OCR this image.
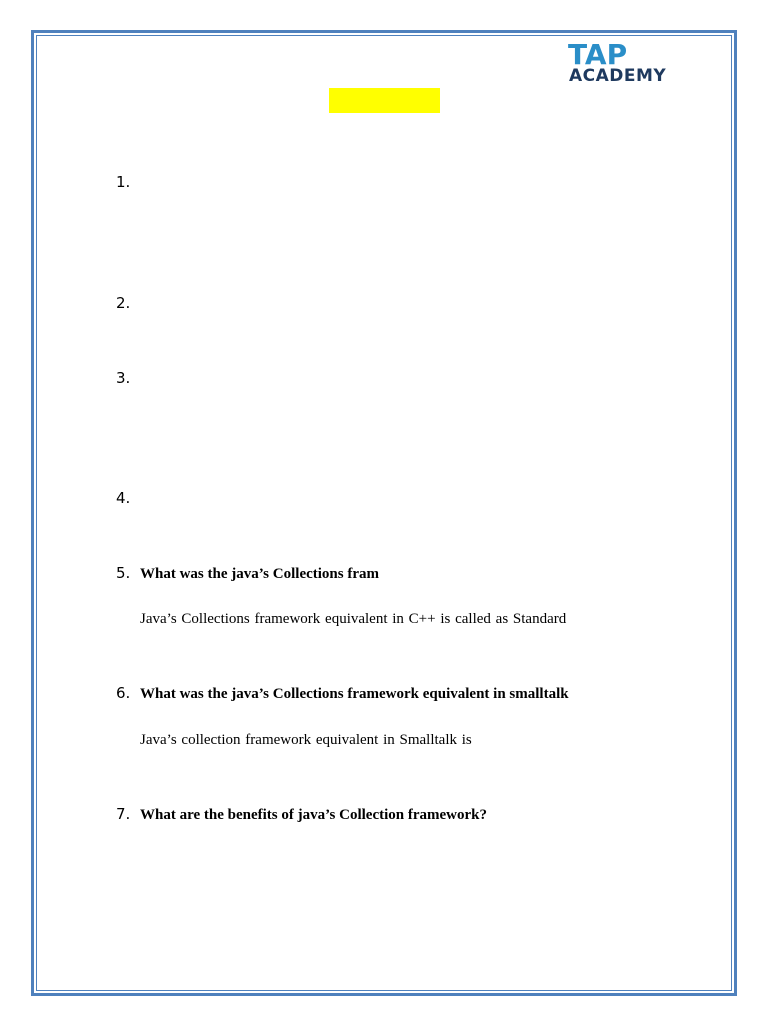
TAP
ACADEMY
1.
2.
3.
4.
5. What was the java’s Collections fram
Java’s Collections framework equivalent in C++ is called as Standard
6. What was the java’s Collections framework equivalent in smalltalk
Java’s collection framework equivalent in Smalltalk is
7. What are the benefits of java’s Collection framework?
